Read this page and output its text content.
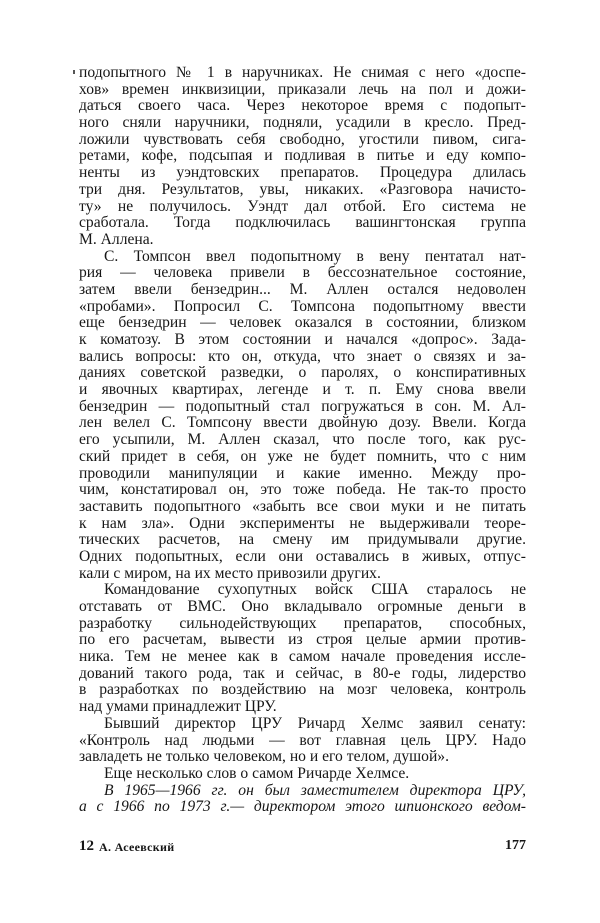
подопытного № 1 в наручниках. Не снимая с него «доспе-
хов» времен инквизиции, приказали лечь на пол и дожи-
даться своего часа. Через некоторое время с подопыт-
ного сняли наручники, подняли, усадили в кресло. Пред-
ложили чувствовать себя свободно, угостили пивом, сига-
ретами, кофе, подсыпая и подливая в питье и еду компо-
ненты из уэндтовских препаратов. Процедура длилась
три дня. Результатов, увы, никаких. «Разговора начисто-
ту» не получилось. Уэндт дал отбой. Его система не
сработала. Тогда подключилась вашингтонская группа
М. Аллена.
С. Томпсон ввел подопытному в вену пентатал нат-
рия — человека привели в бессознательное состояние,
затем ввели бензедрин... М. Аллен остался недоволен
«пробами». Попросил С. Томпсона подопытному ввести
еще бензедрин — человек оказался в состоянии, близком
к коматозу. В этом состоянии и начался «допрос». Зада-
вались вопросы: кто он, откуда, что знает о связях и за-
даниях советской разведки, о паролях, о конспиративных
и явочных квартирах, легенде и т. п. Ему снова ввели
бензедрин — подопытный стал погружаться в сон. М. Ал-
лен велел С. Томпсону ввести двойную дозу. Ввели. Когда
его усыпили, М. Аллен сказал, что после того, как рус-
ский придет в себя, он уже не будет помнить, что с ним
проводили манипуляции и какие именно. Между про-
чим, констатировал он, это тоже победа. Не так-то просто
заставить подопытного «забыть все свои муки и не питать
к нам зла». Одни эксперименты не выдерживали теоре-
тических расчетов, на смену им придумывали другие.
Одних подопытных, если они оставались в живых, отпус-
кали с миром, на их место привозили других.
Командование сухопутных войск США старалось не
отставать от ВМС. Оно вкладывало огромные деньги в
разработку сильнодействующих препаратов, способных,
по его расчетам, вывести из строя целые армии против-
ника. Тем не менее как в самом начале проведения иссле-
дований такого рода, так и сейчас, в 80-е годы, лидерство
в разработках по воздействию на мозг человека, контроль
над умами принадлежит ЦРУ.
Бывший директор ЦРУ Ричард Хелмс заявил сенату:
«Контроль над людьми — вот главная цель ЦРУ. Надо
завладеть не только человеком, но и его телом, душой».
Еще несколько слов о самом Ричарде Хелмсе.
В 1965—1966 гг. он был заместителем директора ЦРУ,
а с 1966 по 1973 г.— директором этого шпионского ведом-
12 А. Асеевский	177
